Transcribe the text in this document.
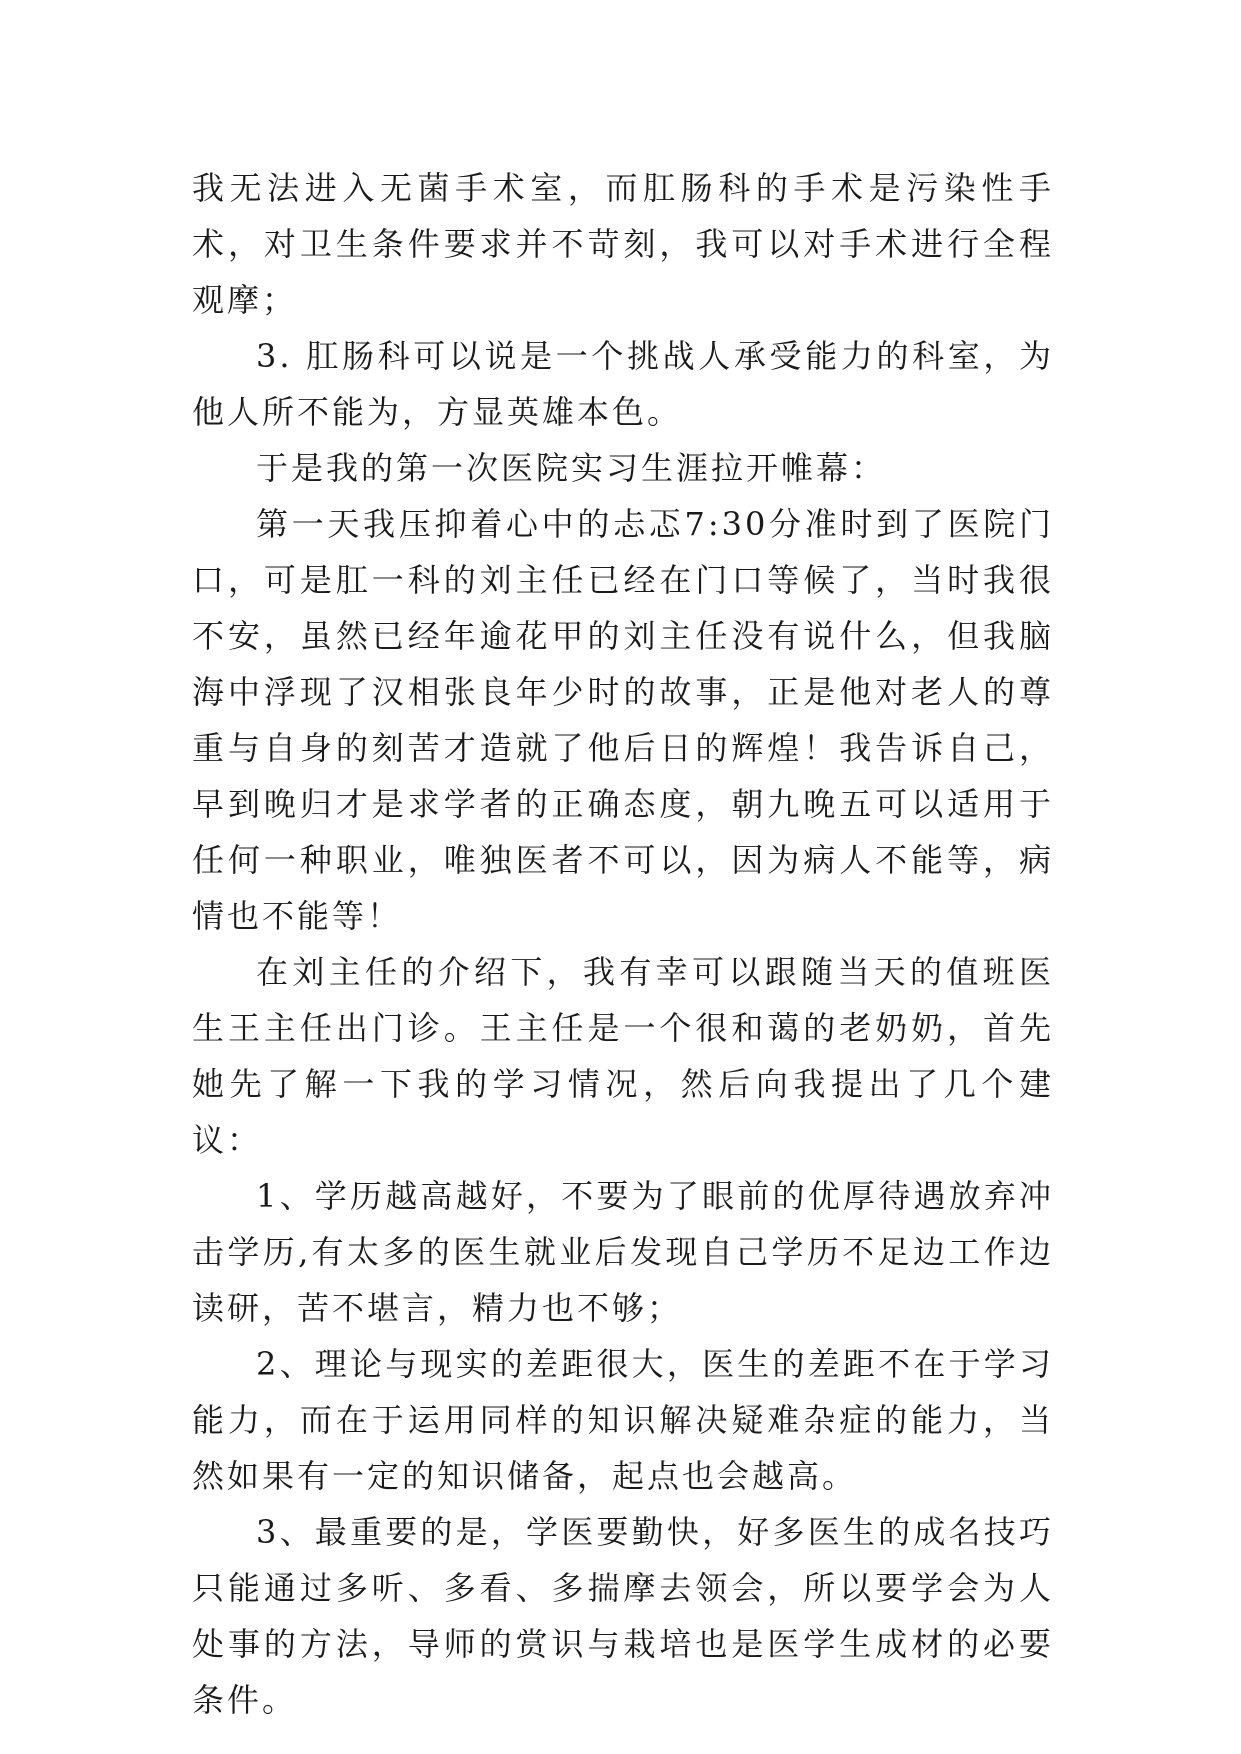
我无法进入无菌手术室，而肛肠科的手术是污染性手术，对卫生条件要求并不苛刻，我可以对手术进行全程观摩；

3. 肛肠科可以说是一个挑战人承受能力的科室，为他人所不能为，方显英雄本色。

于是我的第一次医院实习生涯拉开帷幕：

第一天我压抑着心中的忐忑7:30分准时到了医院门口，可是肛一科的刘主任已经在门口等候了，当时我很不安，虽然已经年逾花甲的刘主任没有说什么，但我脑海中浮现了汉相张良年少时的故事，正是他对老人的尊重与自身的刻苦才造就了他后日的辉煌！我告诉自己，早到晚归才是求学者的正确态度，朝九晚五可以适用于任何一种职业，唯独医者不可以，因为病人不能等，病情也不能等！

在刘主任的介绍下，我有幸可以跟随当天的值班医生王主任出门诊。王主任是一个很和蔼的老奶奶，首先她先了解一下我的学习情况，然后向我提出了几个建议：

1、学历越高越好，不要为了眼前的优厚待遇放弃冲击学历,有太多的医生就业后发现自己学历不足边工作边读研，苦不堪言，精力也不够；

2、理论与现实的差距很大，医生的差距不在于学习能力，而在于运用同样的知识解决疑难杂症的能力，当然如果有一定的知识储备，起点也会越高。

3、最重要的是，学医要勤快，好多医生的成名技巧只能通过多听、多看、多揣摩去领会，所以要学会为人处事的方法，导师的赏识与栽培也是医学生成材的必要条件。
